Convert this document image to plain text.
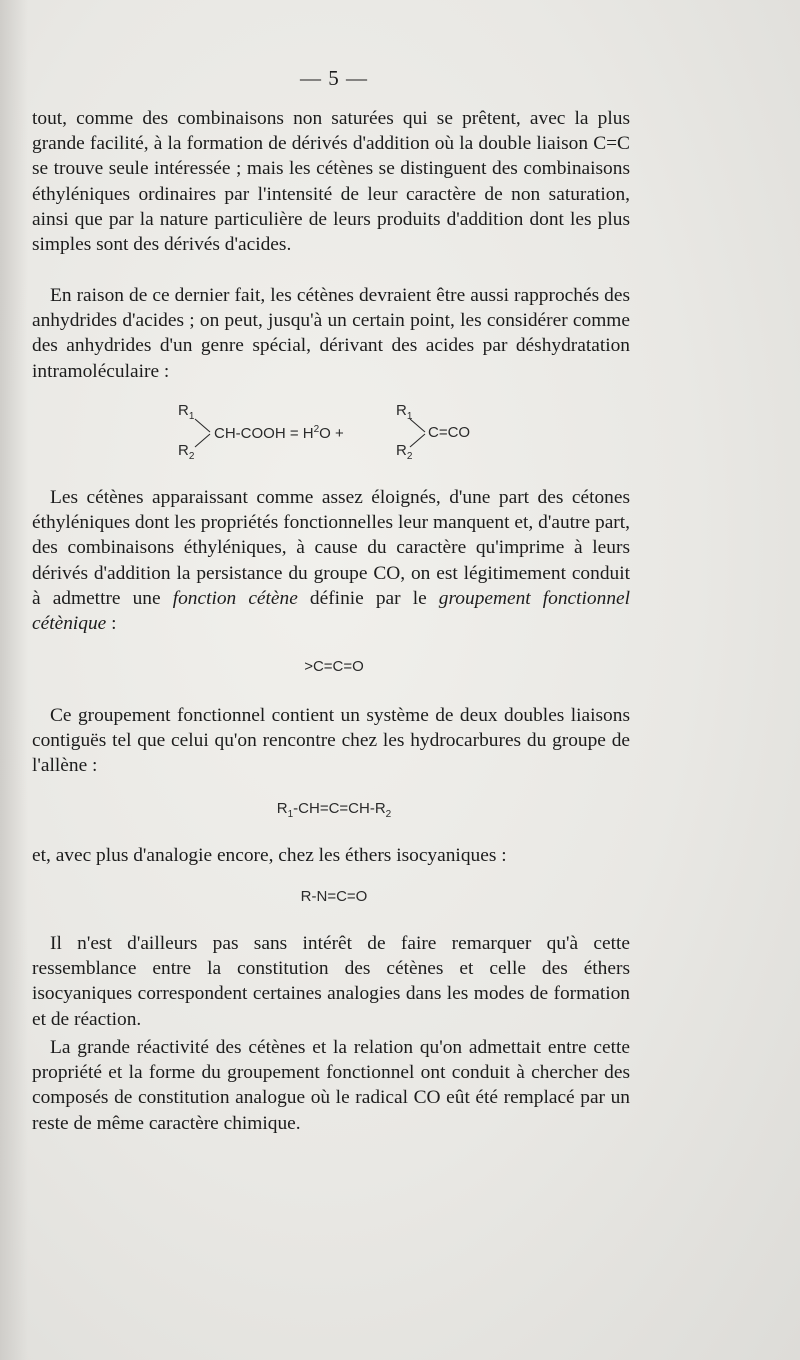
— 5 —

tout, comme des combinaisons non saturées qui se prêtent, avec la plus grande facilité, à la formation de dérivés d'addition où la double liaison C=C se trouve seule intéressée ; mais les cétènes se distinguent des combinaisons éthyléniques ordinaires par l'intensité de leur caractère de non saturation, ainsi que par la nature particulière de leurs produits d'addition dont les plus simples sont des dérivés d'acides.

En raison de ce dernier fait, les cétènes devraient être aussi rapprochés des anhydrides d'acides ; on peut, jusqu'à un certain point, les considérer comme des anhydrides d'un genre spécial, dérivant des acides par déshydratation intramoléculaire :

$R_1$
$R_2$
CH-COOH = $H^2O$ +
$R_1$
$R_2$
C=CO

Les cétènes apparaissant comme assez éloignés, d'une part des cétones éthyléniques dont les propriétés fonctionnelles leur manquent et, d'autre part, des combinaisons éthyléniques, à cause du caractère qu'imprime à leurs dérivés d'addition la persistance du groupe CO, on est légitimement conduit à admettre une fonction cétène définie par le groupement fonctionnel cétènique :

>C=C=O

Ce groupement fonctionnel contient un système de deux doubles liaisons contiguës tel que celui qu'on rencontre chez les hydrocarbures du groupe de l'allène :

$R_1-CH=C=CH-R_2$

et, avec plus d'analogie encore, chez les éthers isocyaniques :

R-N=C=O

Il n'est d'ailleurs pas sans intérêt de faire remarquer qu'à cette ressemblance entre la constitution des cétènes et celle des éthers isocyaniques correspondent certaines analogies dans les modes de formation et de réaction.

La grande réactivité des cétènes et la relation qu'on admettait entre cette propriété et la forme du groupement fonctionnel ont conduit à chercher des composés de constitution analogue où le radical CO eût été remplacé par un reste de même caractère chimique.
